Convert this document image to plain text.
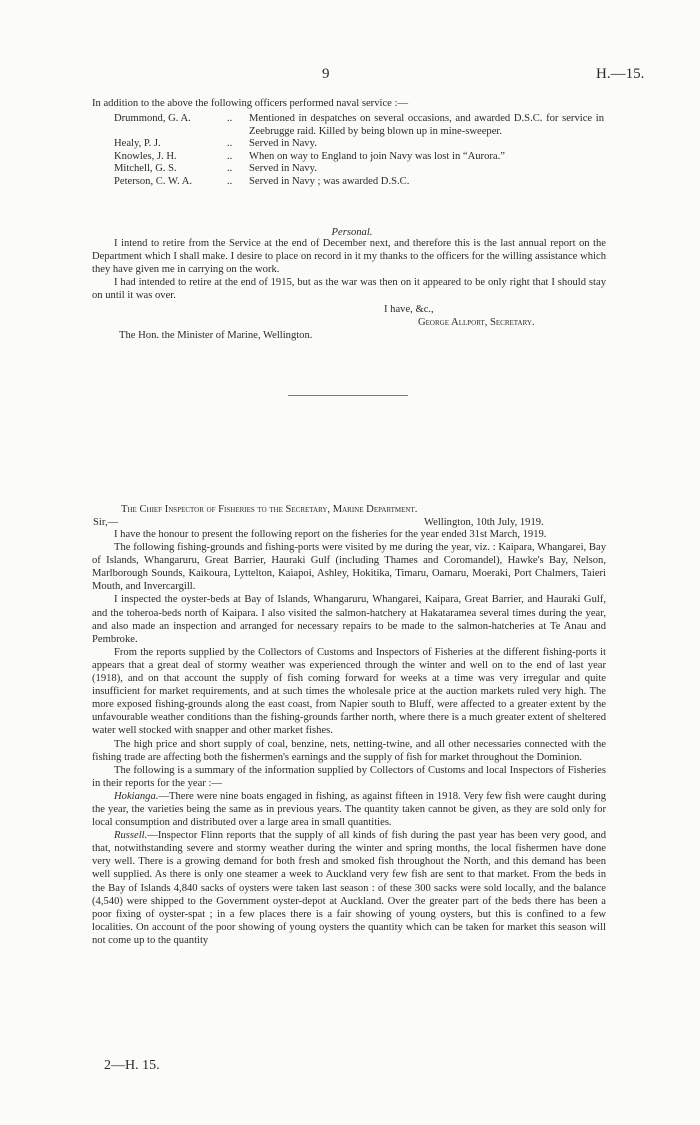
9	H.—15.
In addition to the above the following officers performed naval service :—
Drummond, G. A.	..	Mentioned in despatches on several occasions, and awarded D.S.C. for service in Zeebrugge raid. Killed by being blown up in mine-sweeper.
Healy, P. J.	..	Served in Navy.
Knowles, J. H.	..	When on way to England to join Navy was lost in “Aurora.”
Mitchell, G. S.	..	Served in Navy.
Peterson, C. W. A.	..	Served in Navy ; was awarded D.S.C.
Personal.
I intend to retire from the Service at the end of December next, and therefore this is the last annual report on the Department which I shall make. I desire to place on record in it my thanks to the officers for the willing assistance which they have given me in carrying on the work.
I had intended to retire at the end of 1915, but as the war was then on it appeared to be only right that I should stay on until it was over.
I have, &c.,
George Allport, Secretary.
The Hon. the Minister of Marine, Wellington.
The Chief Inspector of Fisheries to the Secretary, Marine Department.
Sir,—	Wellington, 10th July, 1919.

I have the honour to present the following report on the fisheries for the year ended 31st March, 1919.

The following fishing-grounds and fishing-ports were visited by me during the year, viz. : Kaipara, Whangarei, Bay of Islands, Whangaruru, Great Barrier, Hauraki Gulf (including Thames and Coromandel), Hawke's Bay, Nelson, Marlborough Sounds, Kaikoura, Lyttelton, Kaiapoi, Ashley, Hokitika, Timaru, Oamaru, Moeraki, Port Chalmers, Taieri Mouth, and Invercargill.

I inspected the oyster-beds at Bay of Islands, Whangaruru, Whangarei, Kaipara, Great Barrier, and Hauraki Gulf, and the toheroa-beds north of Kaipara. I also visited the salmon-hatchery at Hakataramea several times during the year, and also made an inspection and arranged for necessary repairs to be made to the salmon-hatcheries at Te Anau and Pembroke.

From the reports supplied by the Collectors of Customs and Inspectors of Fisheries at the different fishing-ports it appears that a great deal of stormy weather was experienced through the winter and well on to the end of last year (1918), and on that account the supply of fish coming forward for weeks at a time was very irregular and quite insufficient for market requirements, and at such times the wholesale price at the auction markets ruled very high. The more exposed fishing-grounds along the east coast, from Napier south to Bluff, were affected to a greater extent by the unfavourable weather conditions than the fishing-grounds farther north, where there is a much greater extent of sheltered water well stocked with snapper and other market fishes.

The high price and short supply of coal, benzine, nets, netting-twine, and all other necessaries connected with the fishing trade are affecting both the fishermen's earnings and the supply of fish for market throughout the Dominion.

The following is a summary of the information supplied by Collectors of Customs and local Inspectors of Fisheries in their reports for the year :—

Hokianga.—There were nine boats engaged in fishing, as against fifteen in 1918. Very few fish were caught during the year, the varieties being the same as in previous years. The quantity taken cannot be given, as they are sold only for local consumption and distributed over a large area in small quantities.

Russell.—Inspector Flinn reports that the supply of all kinds of fish during the past year has been very good, and that, notwithstanding severe and stormy weather during the winter and spring months, the local fishermen have done very well. There is a growing demand for both fresh and smoked fish throughout the North, and this demand has been well supplied. As there is only one steamer a week to Auckland very few fish are sent to that market. From the beds in the Bay of Islands 4,840 sacks of oysters were taken last season : of these 300 sacks were sold locally, and the balance (4,540) were shipped to the Government oyster-depot at Auckland. Over the greater part of the beds there has been a poor fixing of oyster-spat ; in a few places there is a fair showing of young oysters, but this is confined to a few localities. On account of the poor showing of young oysters the quantity which can be taken for market this season will not come up to the quantity

2—H. 15.
